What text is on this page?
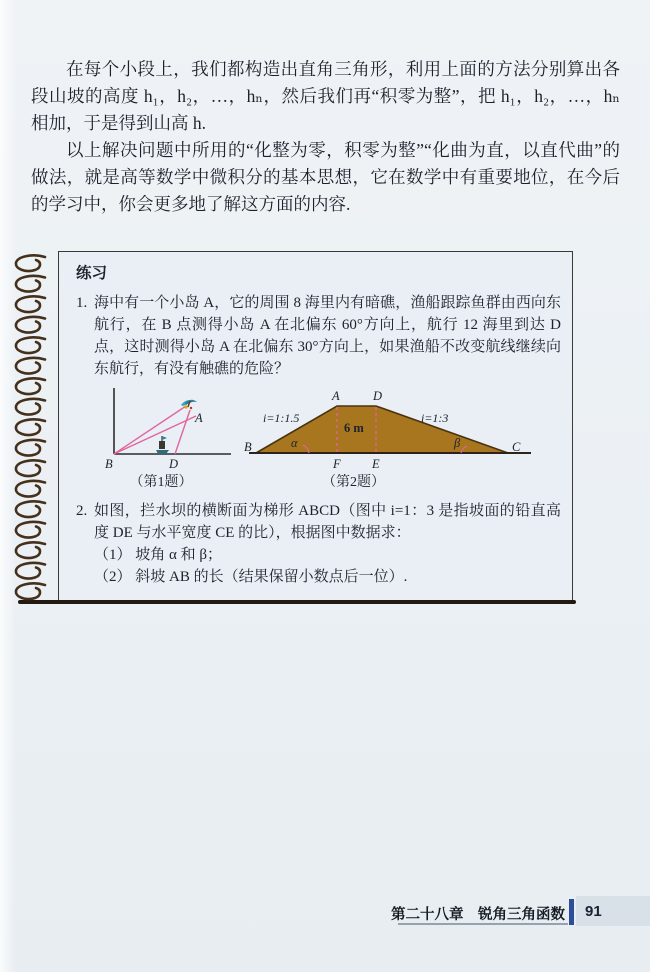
在每个小段上，我们都构造出直角三角形，利用上面的方法分别算出各段山坡的高度 h₁，h₂，…，hₙ，然后我们再“积零为整”，把 h₁，h₂，…，hₙ 相加，于是得到山高 h.

以上解决问题中所用的“化整为零，积零为整”“化曲为直，以直代曲”的做法，就是高等数学中微积分的基本思想，它在数学中有重要地位，在今后的学习中，你会更多地了解这方面的内容.

练习
1. 海中有一个小岛 A，它的周围 8 海里内有暗礁，渔船跟踪鱼群由西向东航行，在 B 点测得小岛 A 在北偏东 60°方向上，航行 12 海里到达 D 点，这时测得小岛 A 在北偏东 30°方向上，如果渔船不改变航线继续向东航行，有没有触礁的危险？
A
B	D
（第1题）
A	D
B	C
F	E
i=1:1.5	i=1:3
6 m
α	β
（第2题）
2. 如图，拦水坝的横断面为梯形 ABCD（图中 i=1：3 是指坡面的铅直高度 DE 与水平宽度 CE 的比），根据图中数据求：
（1） 坡角 α 和 β；
（2） 斜坡 AB 的长（结果保留小数点后一位）.
第二十八章　锐角三角函数 91
